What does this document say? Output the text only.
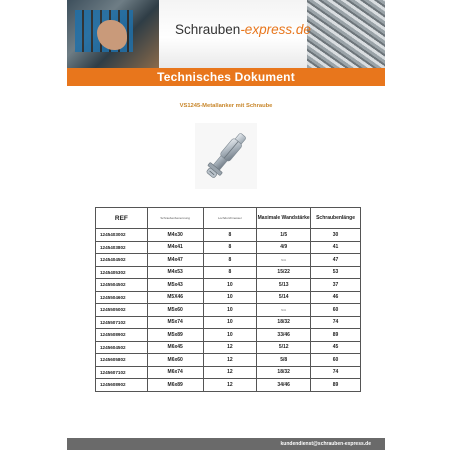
Schrauben-express.de
Technisches Dokument
VS1245-Metallanker mit Schraube
REF	Schraubenbenennung	Lochdurchmesser	Maximale Wandstärke	Schraubenlänge
1245403002	M4x30	8	1/5	30
1245403802	M4x41	8	4/9	41
1245404502	M4x47	8	N/A	47
1245405302	M4x53	8	15/22	53
1245504502	M5x43	10	5/13	37
1245504602	M5X46	10	5/14	46
1245505002	M5x60	10	N/A	60
1245507102	M5x74	10	18/32	74
1245508902	M5x89	10	33/46	89
1245604502	M6x45	12	5/12	45
1245605802	M6x60	12	5/8	60
1245607102	M6x74	12	18/32	74
1245608902	M6x89	12	34/46	89
kundendienst@schrauben-express.de
